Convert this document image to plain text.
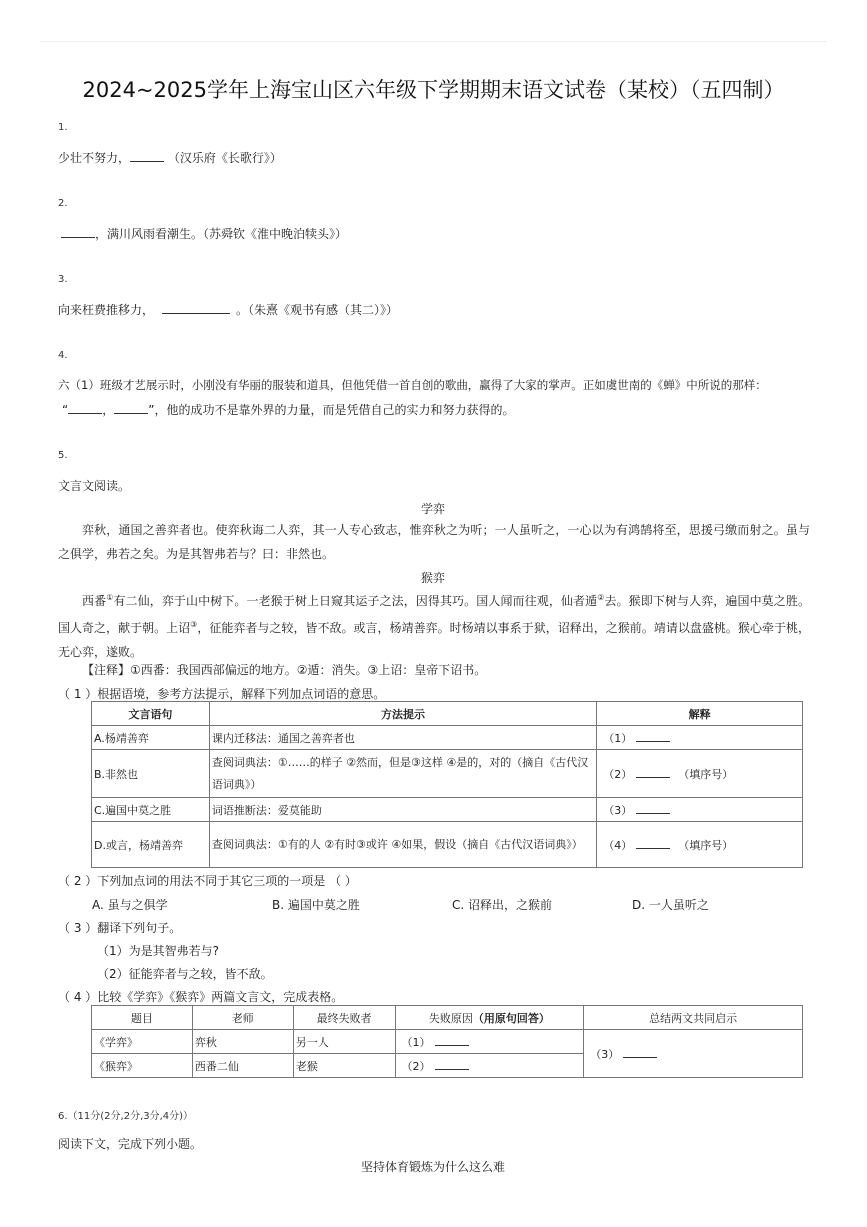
2024~2025学年上海宝山区六年级下学期期末语文试卷（某校）（五四制）
1.
少壮不努力，	（汉乐府《长歌行》）
2.
，满川风雨看潮生。（苏舜钦《淮中晚泊犊头》）
3.
向来枉费推移力，	。（朱熹《观书有感（其二）》）
4.
六（1）班级才艺展示时，小刚没有华丽的服装和道具，但他凭借一首自创的歌曲，赢得了大家的掌声。正如虞世南的《蝉》中所说的那样：
“	，	”，他的成功不是靠外界的力量，而是凭借自己的实力和努力获得的。
5.
文言文阅读。
学弈
弈秋，通国之善弈者也。使弈秋诲二人弈，其一人专心致志，惟弈秋之为听；一人虽听之，一心以为有鸿鹄将至，思援弓缴而射之。虽与之俱学，弗若之矣。为是其智弗若与？曰：非然也。
猴弈
西番①有二仙，弈于山中树下。一老猴于树上日窥其运子之法，因得其巧。国人闻而往观，仙者遁②去。猴即下树与人弈，遍国中莫之胜。国人奇之，献于朝。上诏③，征能弈者与之较，皆不敌。或言，杨靖善弈。时杨靖以事系于狱，诏释出，之猴前。靖请以盘盛桃。猴心牵于桃，无心弈，遂败。
【注释】①西番：我国西部偏远的地方。②遁：消失。③上诏：皇帝下诏书。
（ 1 ）根据语境，参考方法提示，解释下列加点词语的意思。
文言语句	方法提示	解释
A.杨靖善弈	课内迁移法：通国之善弈者也	（1）
B.非然也	查阅词典法：①……的样子 ②然而，但是③这样 ④是的，对的（摘自《古代汉语词典》）	（2） （填序号）
C.遍国中莫之胜	词语推断法：爱莫能助	（3）
D.或言，杨靖善弈	查阅词典法：①有的人 ②有时③或许 ④如果，假设（摘自《古代汉语词典》）	（4） （填序号）
（ 2 ）下列加点词的用法不同于其它三项的一项是 （ ）
A. 虽与之俱学	B. 遍国中莫之胜	C. 诏释出，之猴前	D. 一人虽听之
（ 3 ）翻译下列句子。
（1）为是其智弗若与?
（2）征能弈者与之较，皆不敌。
（ 4 ）比较《学弈》《猴弈》两篇文言文，完成表格。
题目	老师	最终失败者	失败原因（用原句回答）	总结两文共同启示
《学弈》	弈秋	另一人	（1）	（3）
《猴弈》	西番二仙	老猴	（2）	
6.（11分(2分,2分,3分,4分)）
阅读下文，完成下列小题。
坚持体育锻炼为什么这么难
